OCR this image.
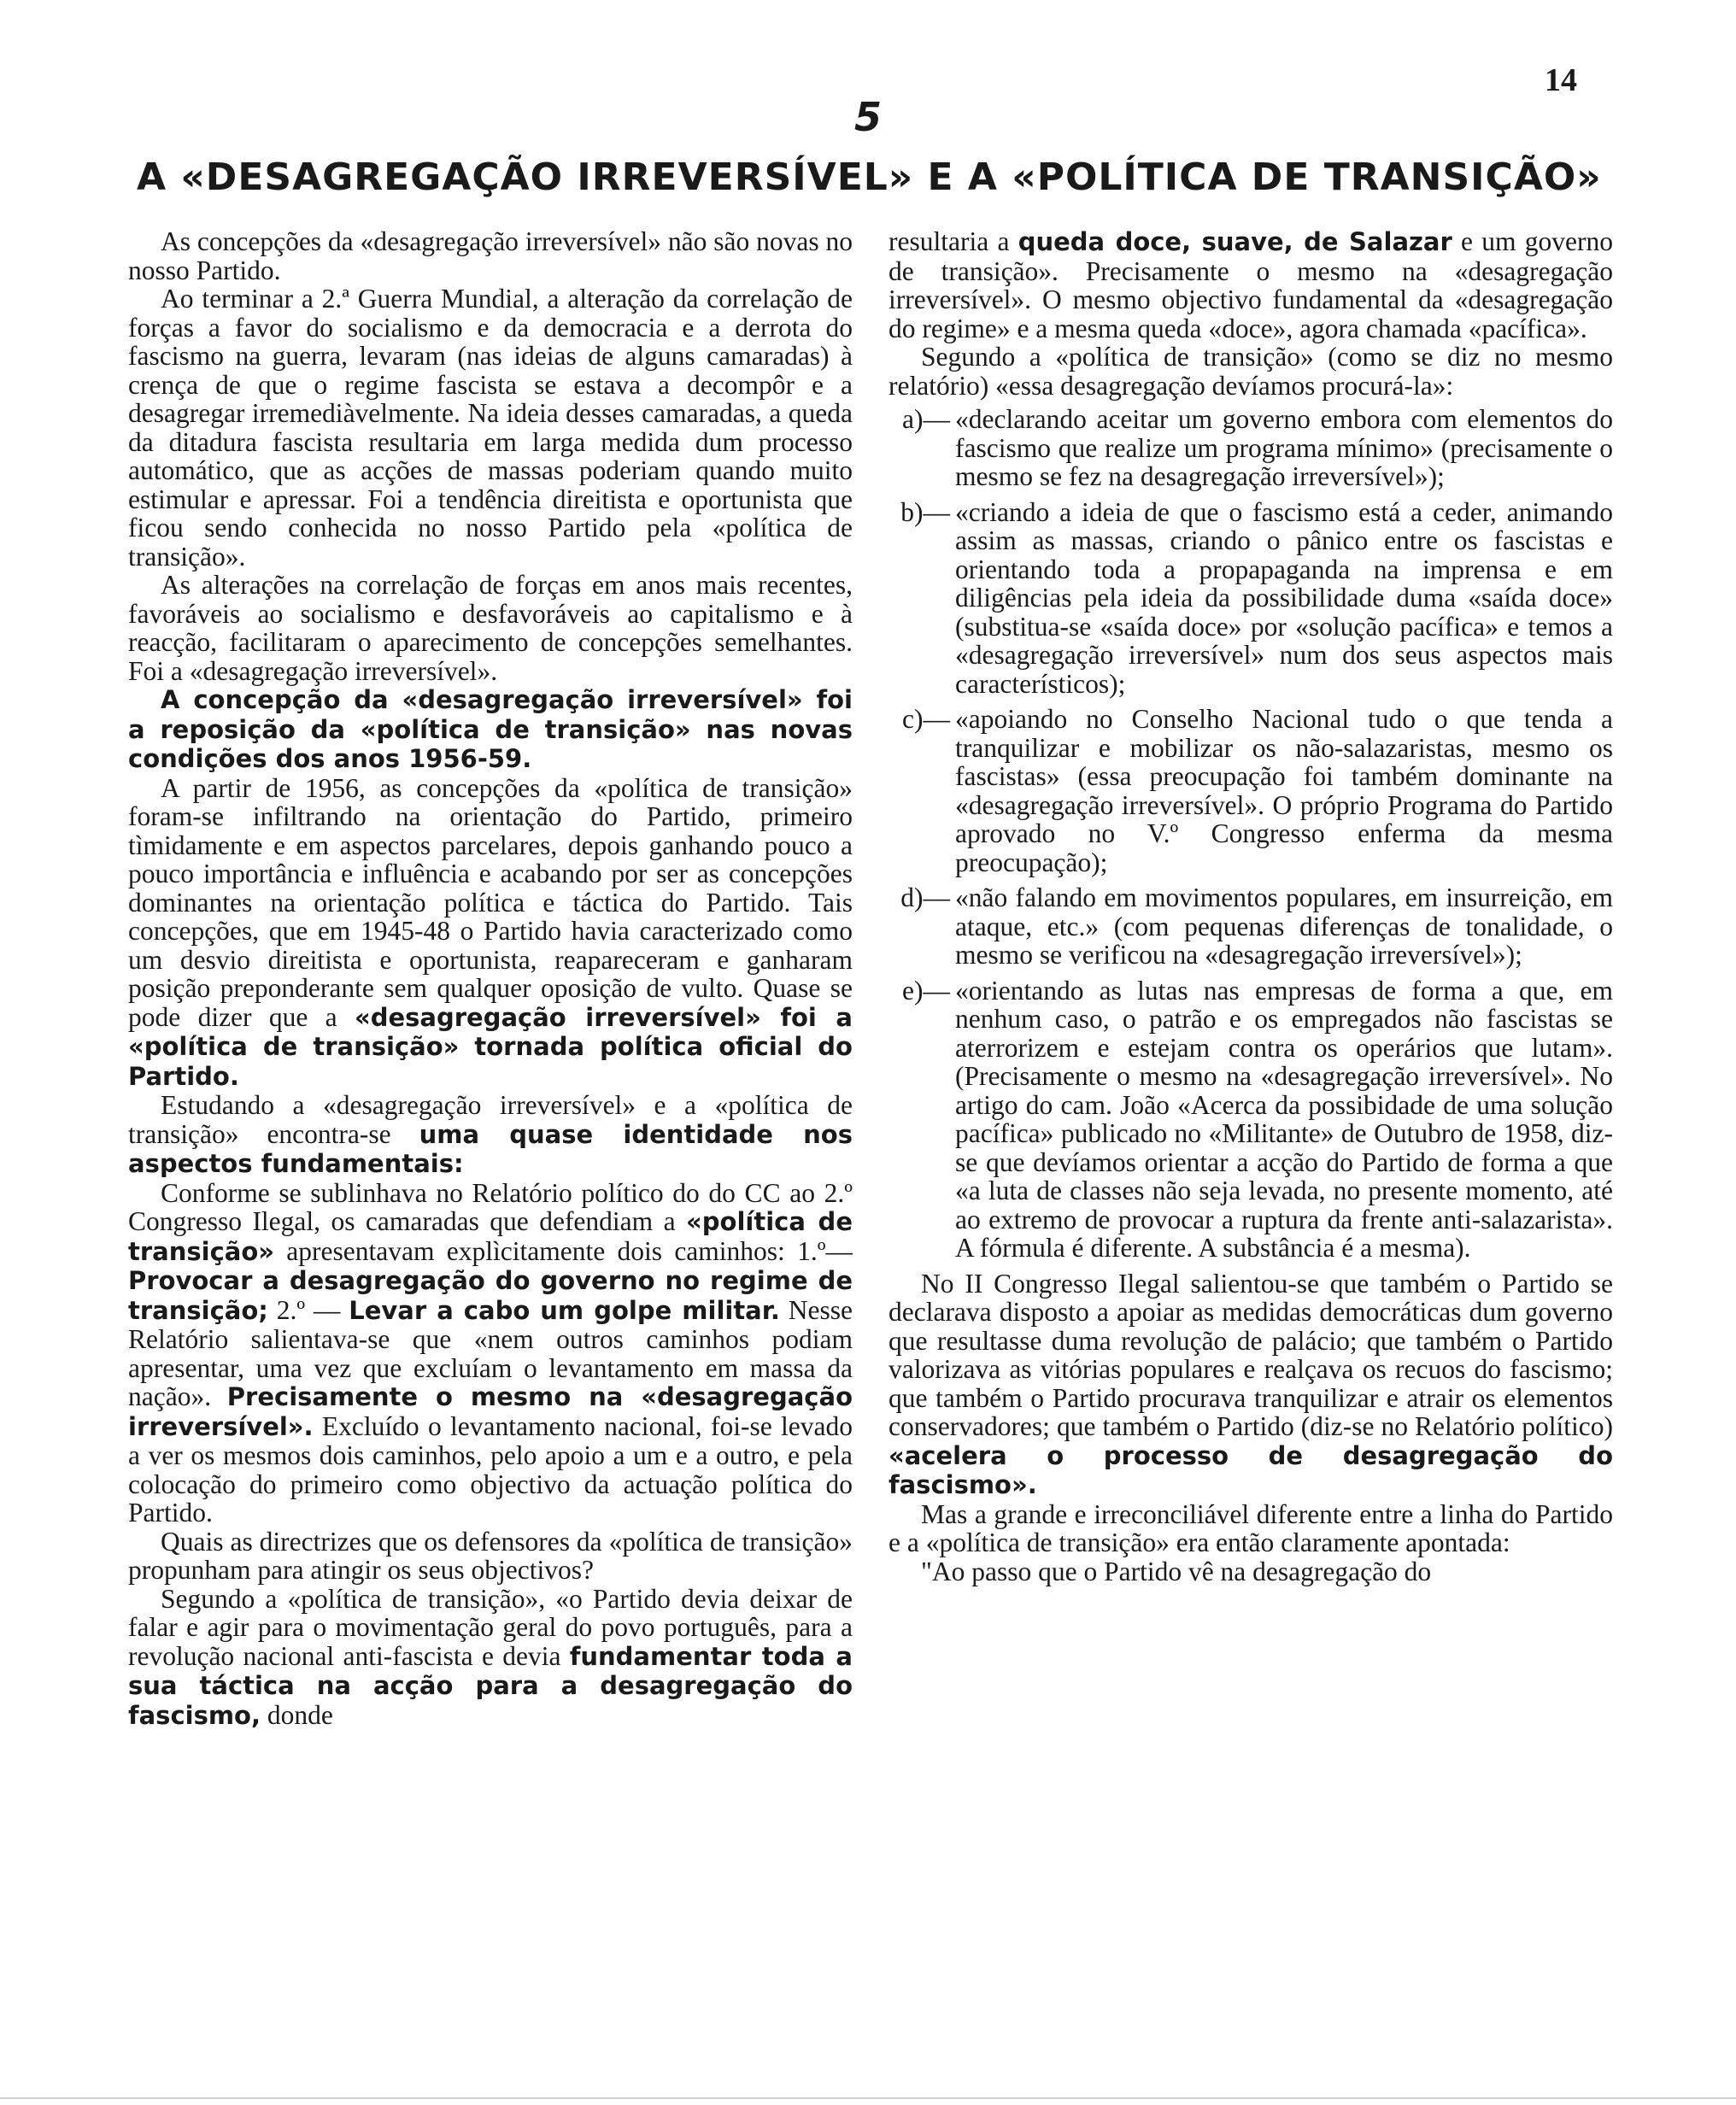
14
5
A «DESAGREGAÇÃO IRREVERSÍVEL» E A «POLÍTICA DE TRANSIÇÃO»

As concepções da «desagregação irreversível» não são novas no nosso Partido.

Ao terminar a 2.ª Guerra Mundial, a alteração da correlação de forças a favor do socialismo e da democracia e a derrota do fascismo na guerra, levaram (nas ideias de alguns camaradas) à crença de que o regime fascista se estava a decompôr e a desagregar irremediàvelmente. Na ideia desses camaradas, a queda da ditadura fascista resultaria em larga medida dum processo automático, que as acções de massas poderiam quando muito estimular e apressar. Foi a tendência direitista e oportunista que ficou sendo conhecida no nosso Partido pela «política de transição».

As alterações na correlação de forças em anos mais recentes, favoráveis ao socialismo e desfavoráveis ao capitalismo e à reacção, facilitaram o aparecimento de concepções semelhantes. Foi a «desagregação irreversível».

A concepção da «desagregação irreversível» foi a reposição da «política de transição» nas novas condições dos anos 1956-59.

A partir de 1956, as concepções da «política de transição» foram-se infiltrando na orientação do Partido, primeiro tìmidamente e em aspectos parcelares, depois ganhando pouco a pouco importância e influência e acabando por ser as concepções dominantes na orientação política e táctica do Partido. Tais concepções, que em 1945-48 o Partido havia caracterizado como um desvio direitista e oportunista, reapareceram e ganharam posição preponderante sem qualquer oposição de vulto. Quase se pode dizer que a «desagregação irreversível» foi a «política de transição» tornada política oficial do Partido.

Estudando a «desagregação irreversível» e a «política de transição» encontra-se uma quase identidade nos aspectos fundamentais:

Conforme se sublinhava no Relatório político do do CC ao 2.º Congresso Ilegal, os camaradas que defendiam a «política de transição» apresentavam explìcitamente dois caminhos: 1.º—Provocar a desagregação do governo no regime de transição; 2.º — Levar a cabo um golpe militar. Nesse Relatório salientava-se que «nem outros caminhos podiam apresentar, uma vez que excluíam o levantamento em massa da nação». Precisamente o mesmo na «desagregação irreversível». Excluído o levantamento nacional, foi-se levado a ver os mesmos dois caminhos, pelo apoio a um e a outro, e pela colocação do primeiro como objectivo da actuação política do Partido.

Quais as directrizes que os defensores da «política de transição» propunham para atingir os seus objectivos?

Segundo a «política de transição», «o Partido devia deixar de falar e agir para o movimentação geral do povo português, para a revolução nacional anti-fascista e devia fundamentar toda a sua táctica na acção para a desagregação do fascismo, donde

resultaria a queda doce, suave, de Salazar e um governo de transição». Precisamente o mesmo na «desagregação irreversível». O mesmo objectivo fundamental da «desagregação do regime» e a mesma queda «doce», agora chamada «pacífica».

Segundo a «política de transição» (como se diz no mesmo relatório) «essa desagregação devíamos procurá-la»:

a)— «declarando aceitar um governo embora com elementos do fascismo que realize um programa mínimo» (precisamente o mesmo se fez na desagregação irreversível»);
b)— «criando a ideia de que o fascismo está a ceder, animando assim as massas, criando o pânico entre os fascistas e orientando toda a propapaganda na imprensa e em diligências pela ideia da possibilidade duma «saída doce» (substitua-se «saída doce» por «solução pacífica» e temos a «desagregação irreversível» num dos seus aspectos mais característicos);
c)— «apoiando no Conselho Nacional tudo o que tenda a tranquilizar e mobilizar os não-salazaristas, mesmo os fascistas» (essa preocupação foi também dominante na «desagregação irreversível». O próprio Programa do Partido aprovado no V.º Congresso enferma da mesma preocupação);
d)— «não falando em movimentos populares, em insurreição, em ataque, etc.» (com pequenas diferenças de tonalidade, o mesmo se verificou na «desagregação irreversível»);
e)— «orientando as lutas nas empresas de forma a que, em nenhum caso, o patrão e os empregados não fascistas se aterrorizem e estejam contra os operários que lutam». (Precisamente o mesmo na «desagregação irreversível». No artigo do cam. João «Acerca da possibidade de uma solução pacífica» publicado no «Militante» de Outubro de 1958, diz-se que devíamos orientar a acção do Partido de forma a que «a luta de classes não seja levada, no presente momento, até ao extremo de provocar a ruptura da frente anti-salazarista». A fórmula é diferente. A substância é a mesma).

No II Congresso Ilegal salientou-se que também o Partido se declarava disposto a apoiar as medidas democráticas dum governo que resultasse duma revolução de palácio; que também o Partido valorizava as vitórias populares e realçava os recuos do fascismo; que também o Partido procurava tranquilizar e atrair os elementos conservadores; que também o Partido (diz-se no Relatório político) «acelera o processo de desagregação do fascismo».

Mas a grande e irreconciliável diferente entre a linha do Partido e a «política de transição» era então claramente apontada:

"Ao passo que o Partido vê na desagregação do
